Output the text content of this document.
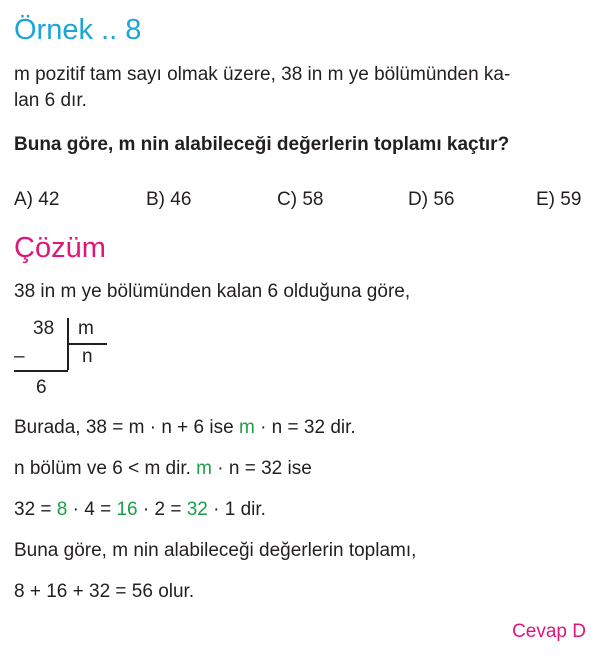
Örnek .. 8
m pozitif tam sayı olmak üzere, 38 in m ye bölümünden ka-
lan 6 dır.
Buna göre, m nin alabileceği değerlerin toplamı kaçtır?
A) 42	B) 46	C) 58	D) 56	E) 59
Çözüm
38 in m ye bölümünden kalan 6 olduğuna göre,
38 m
–	n
6
Burada, 38 = m · n + 6 ise m · n = 32 dir.
n bölüm ve 6 < m dir. m · n = 32 ise
32 = 8 · 4 = 16 · 2 = 32 · 1 dir.
Buna göre, m nin alabileceği değerlerin toplamı,
8 + 16 + 32 = 56 olur.
Cevap D
